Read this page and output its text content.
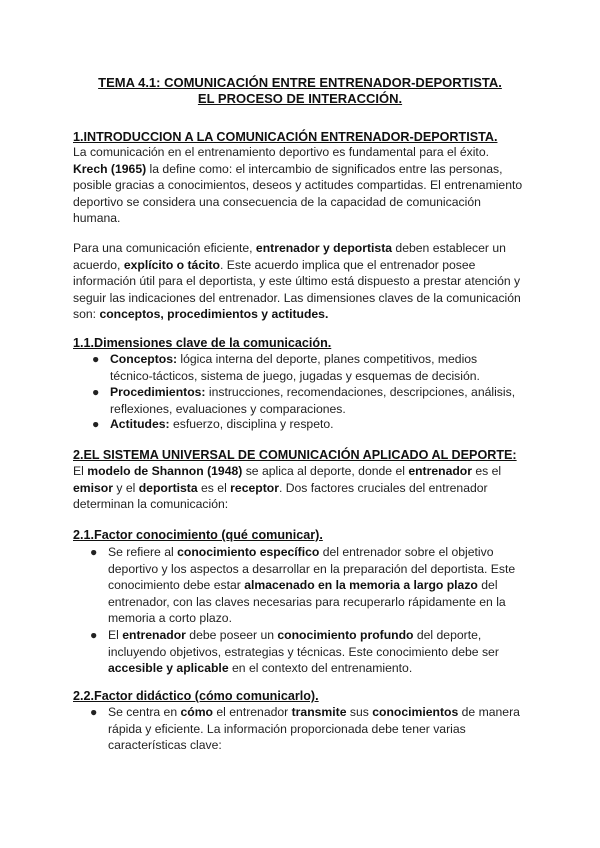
TEMA 4.1: COMUNICACIÓN ENTRE ENTRENADOR-DEPORTISTA.
EL PROCESO DE INTERACCIÓN.
1.INTRODUCCION A LA COMUNICACIÓN ENTRENADOR-DEPORTISTA.
La comunicación en el entrenamiento deportivo es fundamental para el éxito.
Krech (1965) la define como: el intercambio de significados entre las personas,
posible gracias a conocimientos, deseos y actitudes compartidas. El entrenamiento
deportivo se considera una consecuencia de la capacidad de comunicación
humana.
Para una comunicación eficiente, entrenador y deportista deben establecer un
acuerdo, explícito o tácito. Este acuerdo implica que el entrenador posee
información útil para el deportista, y este último está dispuesto a prestar atención y
seguir las indicaciones del entrenador. Las dimensiones claves de la comunicación
son: conceptos, procedimientos y actitudes.
1.1.Dimensiones clave de la comunicación.
● Conceptos: lógica interna del deporte, planes competitivos, medios
técnico-tácticos, sistema de juego, jugadas y esquemas de decisión.
● Procedimientos: instrucciones, recomendaciones, descripciones, análisis,
reflexiones, evaluaciones y comparaciones.
● Actitudes: esfuerzo, disciplina y respeto.
2.EL SISTEMA UNIVERSAL DE COMUNICACIÓN APLICADO AL DEPORTE:
El modelo de Shannon (1948) se aplica al deporte, donde el entrenador es el
emisor y el deportista es el receptor. Dos factores cruciales del entrenador
determinan la comunicación:
2.1.Factor conocimiento (qué comunicar).
● Se refiere al conocimiento específico del entrenador sobre el objetivo
deportivo y los aspectos a desarrollar en la preparación del deportista. Este
conocimiento debe estar almacenado en la memoria a largo plazo del
entrenador, con las claves necesarias para recuperarlo rápidamente en la
memoria a corto plazo.
● El entrenador debe poseer un conocimiento profundo del deporte,
incluyendo objetivos, estrategias y técnicas. Este conocimiento debe ser
accesible y aplicable en el contexto del entrenamiento.
2.2.Factor didáctico (cómo comunicarlo).
● Se centra en cómo el entrenador transmite sus conocimientos de manera
rápida y eficiente. La información proporcionada debe tener varias
características clave:
